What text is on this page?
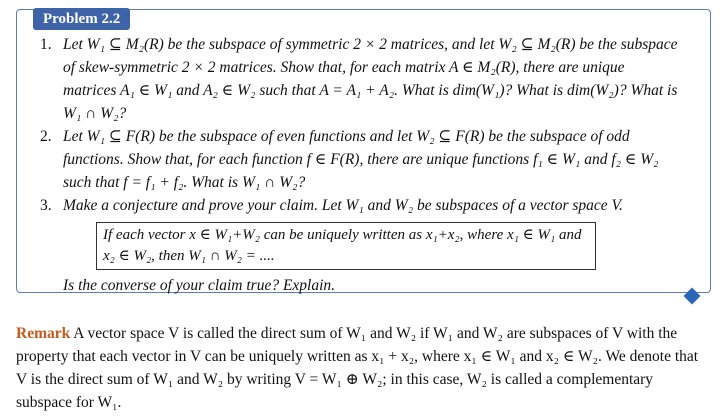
Problem 2.2

1. Let W₁ ⊆ M₂(R) be the subspace of symmetric 2 × 2 matrices, and let W₂ ⊆ M₂(R) be the subspace of skew-symmetric 2 × 2 matrices. Show that, for each matrix A ∈ M₂(R), there are unique matrices A₁ ∈ W₁ and A₂ ∈ W₂ such that A = A₁ + A₂. What is dim(W₁)? What is dim(W₂)? What is W₁ ∩ W₂?

2. Let W₁ ⊆ F(R) be the subspace of even functions and let W₂ ⊆ F(R) be the subspace of odd functions. Show that, for each function f ∈ F(R), there are unique functions f₁ ∈ W₁ and f₂ ∈ W₂ such that f = f₁ + f₂. What is W₁ ∩ W₂?

3. Make a conjecture and prove your claim. Let W₁ and W₂ be subspaces of a vector space V.

If each vector x ∈ W₁+W₂ can be uniquely written as x₁+x₂, where x₁ ∈ W₁ and x₂ ∈ W₂, then W₁ ∩ W₂ = ....
Is the converse of your claim true? Explain.
Remark A vector space V is called the direct sum of W₁ and W₂ if W₁ and W₂ are subspaces of V with the property that each vector in V can be uniquely written as x₁ + x₂, where x₁ ∈ W₁ and x₂ ∈ W₂. We denote that V is the direct sum of W₁ and W₂ by writing V = W₁ ⊕ W₂; in this case, W₂ is called a complementary subspace for W₁.
